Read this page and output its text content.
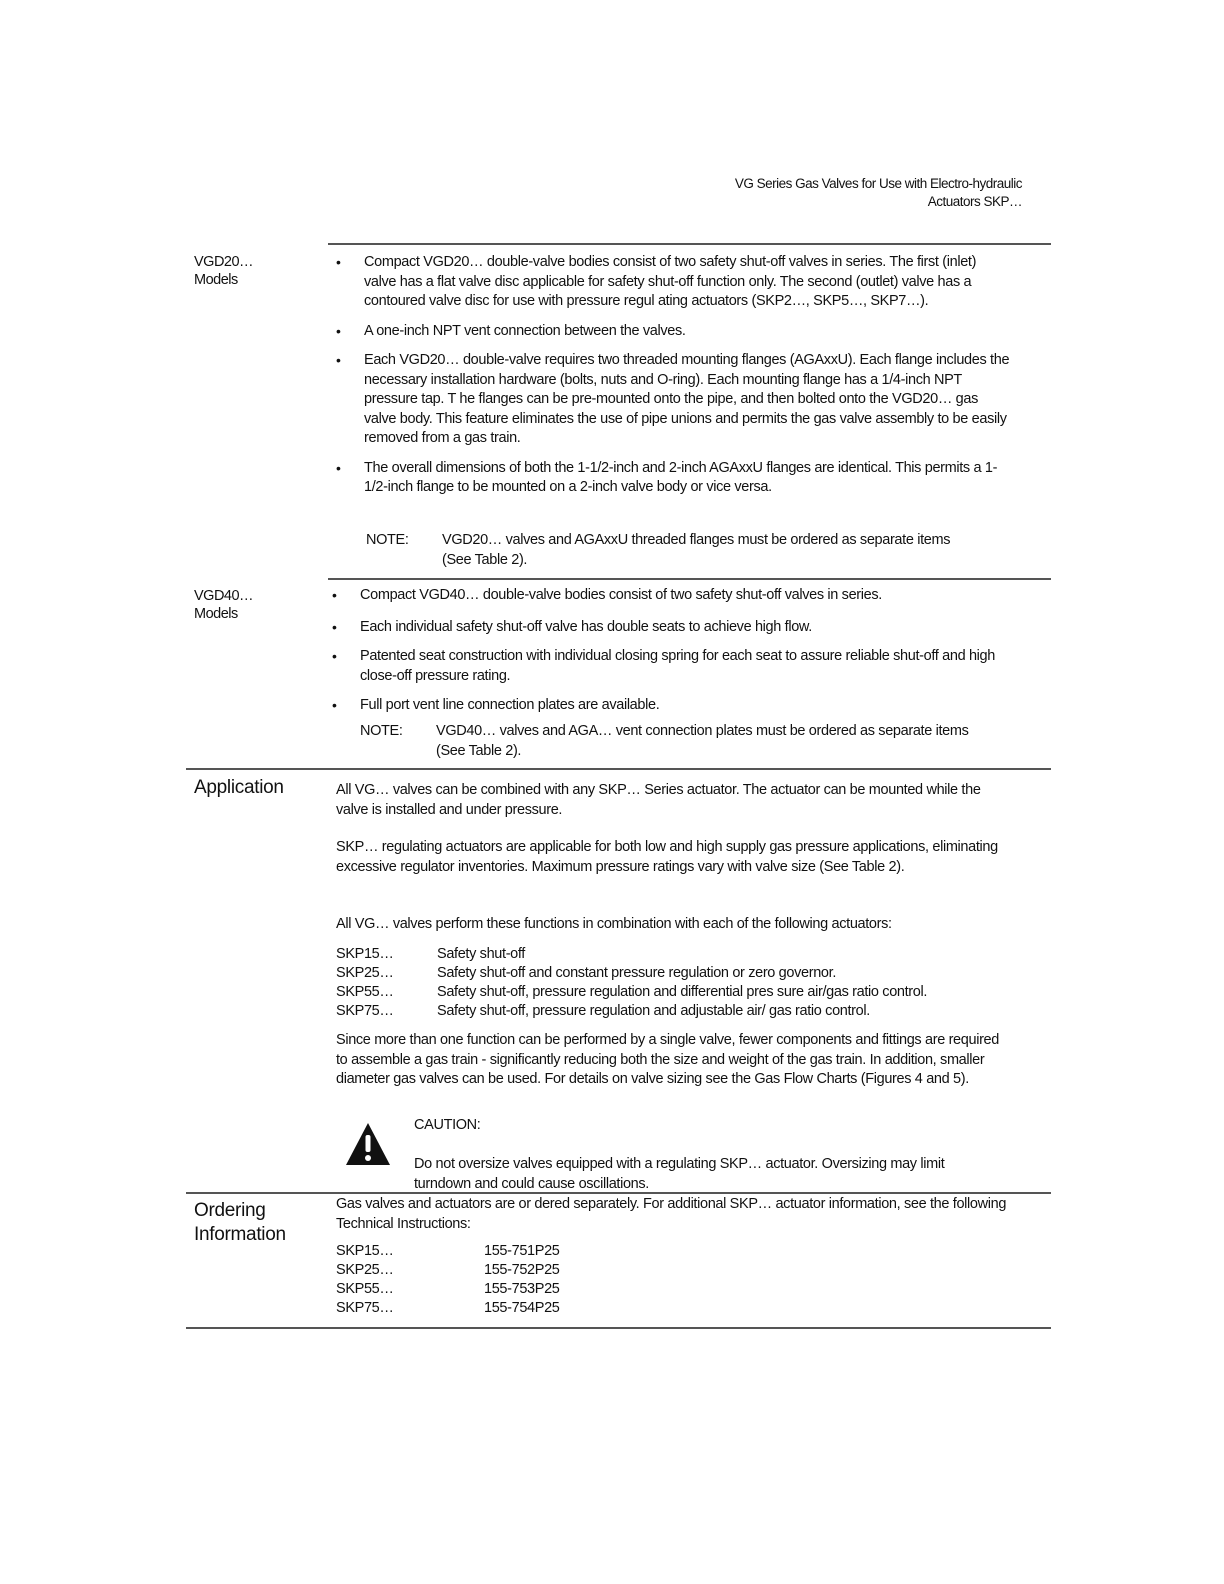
VG Series Gas Valves for Use with Electro-hydraulic
Actuators SKP…
VGD20…
Models
• Compact VGD20… double-valve bodies consist of two safety shut-off valves in series. The first (inlet) valve has a flat valve disc applicable for safety shut-off function only. The second (outlet) valve has a contoured valve disc for use with pressure regul ating actuators (SKP2…, SKP5…, SKP7…).
• A one-inch NPT vent connection between the valves.
• Each VGD20… double-valve requires two threaded mounting flanges (AGAxxU). Each flange includes the necessary installation hardware (bolts, nuts and O-ring). Each mounting flange has a 1/4-inch NPT pressure tap. T he flanges can be pre-mounted onto the pipe, and then bolted onto the VGD20… gas valve body. This feature eliminates the use of pipe unions and permits the gas valve assembly to be easily removed from a gas train.
• The overall dimensions of both the 1-1/2-inch and 2-inch AGAxxU flanges are identical. This permits a 1-1/2-inch flange to be mounted on a 2-inch valve body or vice versa.
NOTE:	VGD20… valves and AGAxxU threaded flanges must be ordered as separate items (See Table 2).
VGD40…
Models
• Compact VGD40… double-valve bodies consist of two safety shut-off valves in series.
• Each individual safety shut-off valve has double seats to achieve high flow.
• Patented seat construction with individual closing spring for each seat to assure reliable shut-off and high close-off pressure rating.
• Full port vent line connection plates are available.
NOTE:	VGD40… valves and AGA… vent connection plates must be ordered as separate items (See Table 2).
Application	All VG… valves can be combined with any SKP… Series actuator. The actuator can be mounted while the valve is installed and under pressure.

SKP… regulating actuators are applicable for both low and high supply gas pressure applications, eliminating excessive regulator inventories. Maximum pressure ratings vary with valve size (See Table 2).

All VG… valves perform these functions in combination with each of the following actuators:

SKP15…	Safety shut-off
SKP25…	Safety shut-off and constant pressure regulation or zero governor.
SKP55…	Safety shut-off, pressure regulation and differential pres sure air/gas ratio control.
SKP75…	Safety shut-off, pressure regulation and adjustable air/ gas ratio control.

Since more than one function can be performed by a single valve, fewer components and fittings are required to assemble a gas train - significantly reducing both the size and weight of the gas train. In addition, smaller diameter gas valves can be used. For details on valve sizing see the Gas Flow Charts (Figures 4 and 5).

CAUTION:
Do not oversize valves equipped with a regulating SKP… actuator. Oversizing may limit turndown and could cause oscillations.
Ordering
Information

Gas valves and actuators are or dered separately. For additional SKP… actuator information, see the following Technical Instructions:

SKP15…	155-751P25
SKP25…	155-752P25
SKP55…	155-753P25
SKP75…	155-754P25
